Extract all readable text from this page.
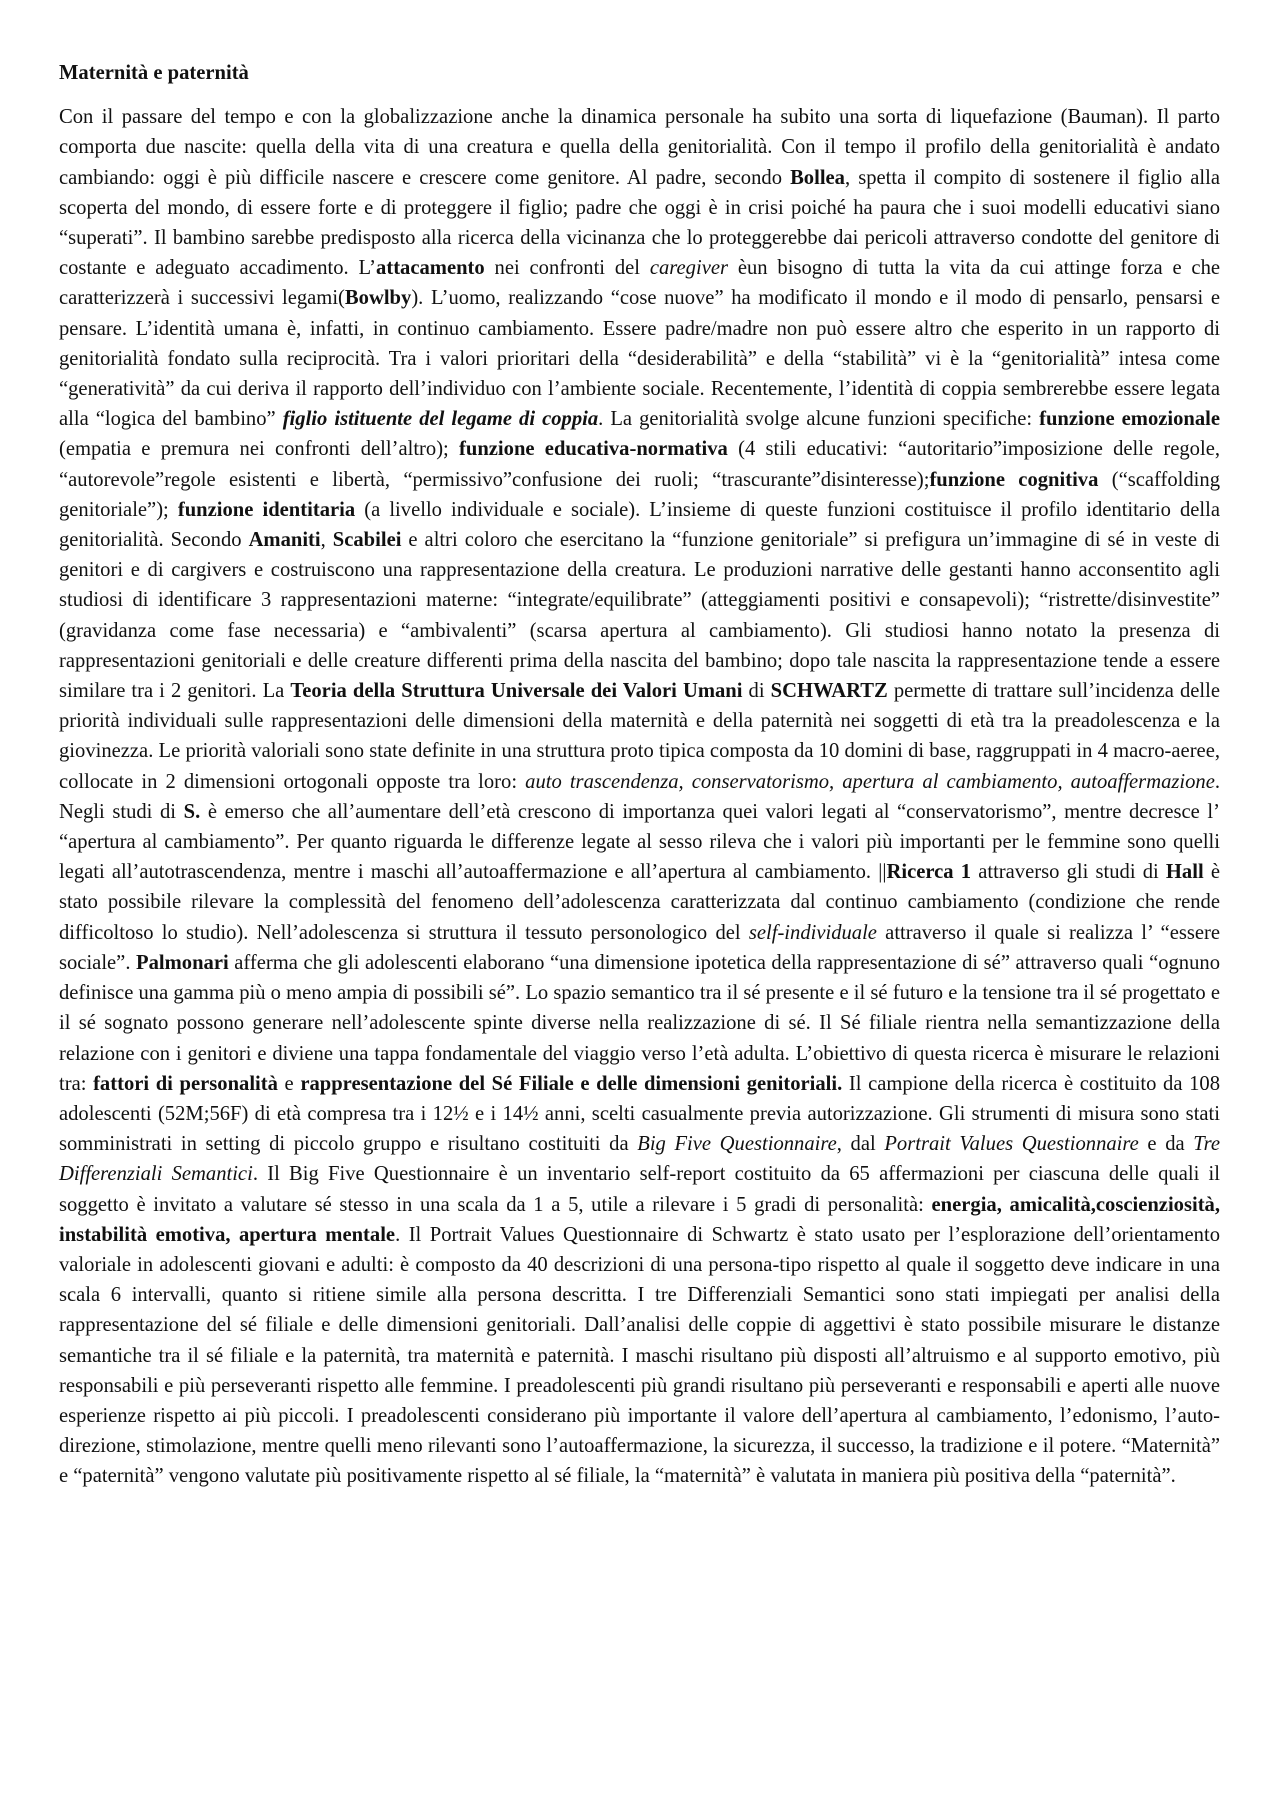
Maternità e paternità

Con il passare del tempo e con la globalizzazione anche la dinamica personale ha subito una sorta di liquefazione (Bauman). Il parto comporta due nascite: quella della vita di una creatura e quella della genitorialità. Con il tempo il profilo della genitorialità è andato cambiando: oggi è più difficile nascere e crescere come genitore. Al padre, secondo Bollea, spetta il compito di sostenere il figlio alla scoperta del mondo, di essere forte e di proteggere il figlio; padre che oggi è in crisi poiché ha paura che i suoi modelli educativi siano “superati”. Il bambino sarebbe predisposto alla ricerca della vicinanza che lo proteggerebbe dai pericoli attraverso condotte del genitore di costante e adeguato accadimento. L’attacamento nei confronti del caregiver èun bisogno di tutta la vita da cui attinge forza e che caratterizzerà i successivi legami(Bowlby). L’uomo, realizzando “cose nuove” ha modificato il mondo e il modo di pensarlo, pensarsi e pensare. L’identità umana è, infatti, in continuo cambiamento. Essere padre/madre non può essere altro che esperito in un rapporto di genitorialità fondato sulla reciprocità. Tra i valori prioritari della “desiderabilità” e della “stabilità” vi è la “genitorialità” intesa come “generatività” da cui deriva il rapporto dell’individuo con l’ambiente sociale. Recentemente, l’identità di coppia sembrerebbe essere legata alla “logica del bambino” figlio istituente del legame di coppia. La genitorialità svolge alcune funzioni specifiche: funzione emozionale (empatia e premura nei confronti dell’altro); funzione educativa-normativa (4 stili educativi: “autoritario”imposizione delle regole, “autorevole”regole esistenti e libertà, “permissivo”confusione dei ruoli; “trascurante”disinteresse);funzione cognitiva (“scaffolding genitoriale”); funzione identitaria (a livello individuale e sociale). L’insieme di queste funzioni costituisce il profilo identitario della genitorialità. Secondo Amaniti, Scabilei e altri coloro che esercitano la “funzione genitoriale” si prefigura un’immagine di sé in veste di genitori e di cargivers e costruiscono una rappresentazione della creatura. Le produzioni narrative delle gestanti hanno acconsentito agli studiosi di identificare 3 rappresentazioni materne: “integrate/equilibrate” (atteggiamenti positivi e consapevoli); “ristrette/disinvestite” (gravidanza come fase necessaria) e “ambivalenti” (scarsa apertura al cambiamento). Gli studiosi hanno notato la presenza di rappresentazioni genitoriali e delle creature differenti prima della nascita del bambino; dopo tale nascita la rappresentazione tende a essere similare tra i 2 genitori. La Teoria della Struttura Universale dei Valori Umani di SCHWARTZ permette di trattare sull’incidenza delle priorità individuali sulle rappresentazioni delle dimensioni della maternità e della paternità nei soggetti di età tra la preadolescenza e la giovinezza. Le priorità valoriali sono state definite in una struttura proto tipica composta da 10 domini di base, raggruppati in 4 macro-aeree, collocate in 2 dimensioni ortogonali opposte tra loro: auto trascendenza, conservatorismo, apertura al cambiamento, autoaffermazione. Negli studi di S. è emerso che all’aumentare dell’età crescono di importanza quei valori legati al “conservatorismo”, mentre decresce l’ “apertura al cambiamento”. Per quanto riguarda le differenze legate al sesso rileva che i valori più importanti per le femmine sono quelli legati all’autotrascendenza, mentre i maschi all’autoaffermazione e all’apertura al cambiamento. ||Ricerca 1 attraverso gli studi di Hall è stato possibile rilevare la complessità del fenomeno dell’adolescenza caratterizzata dal continuo cambiamento (condizione che rende difficoltoso lo studio). Nell’adolescenza si struttura il tessuto personologico del self-individuale attraverso il quale si realizza l’ “essere sociale”. Palmonari afferma che gli adolescenti elaborano “una dimensione ipotetica della rappresentazione di sé” attraverso quali “ognuno definisce una gamma più o meno ampia di possibili sé”. Lo spazio semantico tra il sé presente e il sé futuro e la tensione tra il sé progettato e il sé sognato possono generare nell’adolescente spinte diverse nella realizzazione di sé. Il Sé filiale rientra nella semantizzazione della relazione con i genitori e diviene una tappa fondamentale del viaggio verso l’età adulta. L’obiettivo di questa ricerca è misurare le relazioni tra: fattori di personalità e rappresentazione del Sé Filiale e delle dimensioni genitoriali. Il campione della ricerca è costituito da 108 adolescenti (52M;56F) di età compresa tra i 12½ e i 14½ anni, scelti casualmente previa autorizzazione. Gli strumenti di misura sono stati somministrati in setting di piccolo gruppo e risultano costituiti da Big Five Questionnaire, dal Portrait Values Questionnaire e da Tre Differenziali Semantici. Il Big Five Questionnaire è un inventario self-report costituito da 65 affermazioni per ciascuna delle quali il soggetto è invitato a valutare sé stesso in una scala da 1 a 5, utile a rilevare i 5 gradi di personalità: energia, amicalità,coscienziosità, instabilità emotiva, apertura mentale. Il Portrait Values Questionnaire di Schwartz è stato usato per l’esplorazione dell’orientamento valoriale in adolescenti giovani e adulti: è composto da 40 descrizioni di una persona-tipo rispetto al quale il soggetto deve indicare in una scala 6 intervalli, quanto si ritiene simile alla persona descritta. I tre Differenziali Semantici sono stati impiegati per analisi della rappresentazione del sé filiale e delle dimensioni genitoriali. Dall’analisi delle coppie di aggettivi è stato possibile misurare le distanze semantiche tra il sé filiale e la paternità, tra maternità e paternità. I maschi risultano più disposti all’altruismo e al supporto emotivo, più responsabili e più perseveranti rispetto alle femmine. I preadolescenti più grandi risultano più perseveranti e responsabili e aperti alle nuove esperienze rispetto ai più piccoli. I preadolescenti considerano più importante il valore dell’apertura al cambiamento, l’edonismo, l’auto-direzione, stimolazione, mentre quelli meno rilevanti sono l’autoaffermazione, la sicurezza, il successo, la tradizione e il potere. “Maternità” e “paternità” vengono valutate più positivamente rispetto al sé filiale, la “maternità” è valutata in maniera più positiva della “paternità”.
